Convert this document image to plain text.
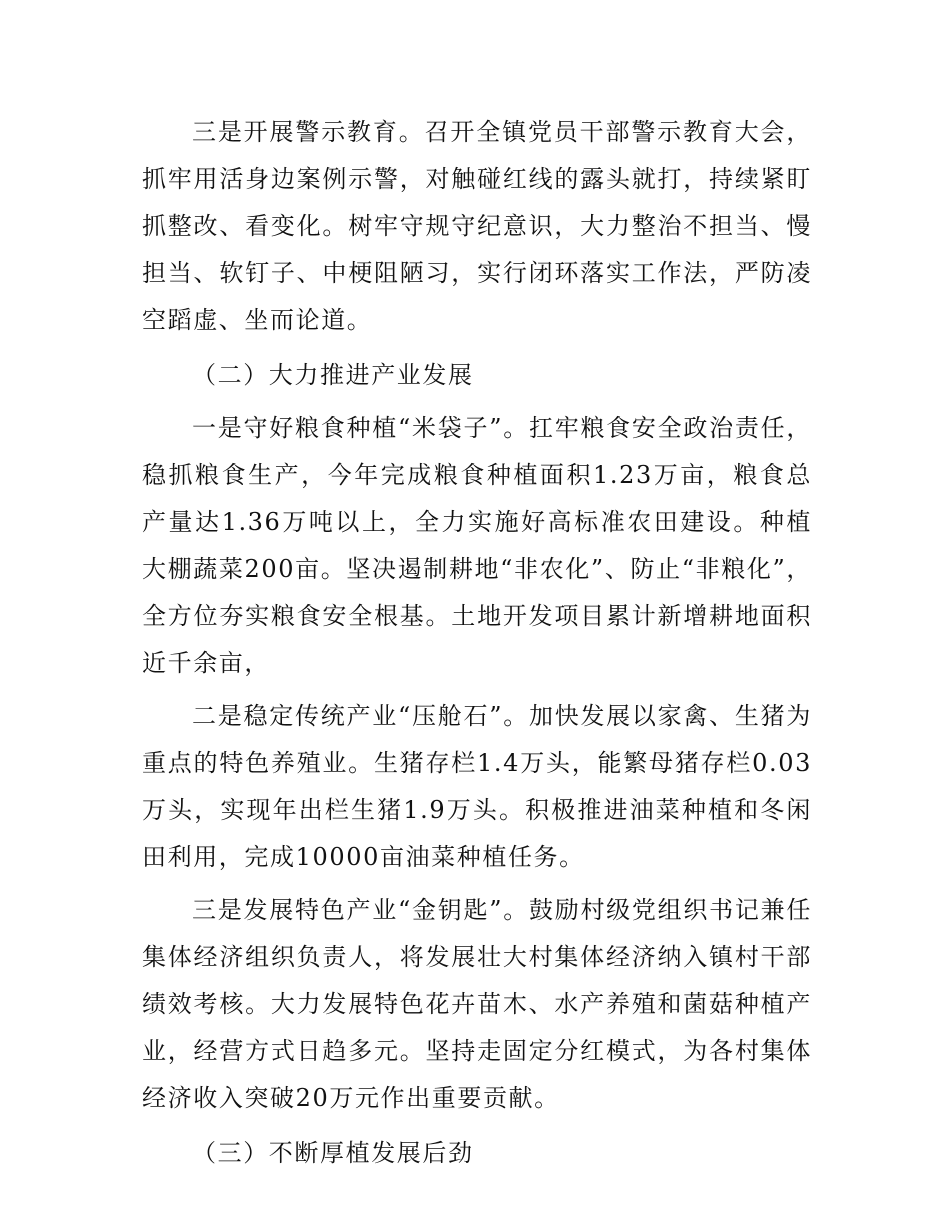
三是开展警示教育。召开全镇党员干部警示教育大会，抓牢用活身边案例示警，对触碰红线的露头就打，持续紧盯抓整改、看变化。树牢守规守纪意识，大力整治不担当、慢担当、软钉子、中梗阻陋习，实行闭环落实工作法，严防凌空蹈虚、坐而论道。

（二）大力推进产业发展

一是守好粮食种植“米袋子”。扛牢粮食安全政治责任，稳抓粮食生产，今年完成粮食种植面积1.23万亩，粮食总产量达1.36万吨以上，全力实施好高标准农田建设。种植大棚蔬菜200亩。坚决遏制耕地“非农化”、防止“非粮化”，全方位夯实粮食安全根基。土地开发项目累计新增耕地面积近千余亩，

二是稳定传统产业“压舱石”。加快发展以家禽、生猪为重点的特色养殖业。生猪存栏1.4万头，能繁母猪存栏0.03万头，实现年出栏生猪1.9万头。积极推进油菜种植和冬闲田利用，完成10000亩油菜种植任务。

三是发展特色产业“金钥匙”。鼓励村级党组织书记兼任集体经济组织负责人，将发展壮大村集体经济纳入镇村干部绩效考核。大力发展特色花卉苗木、水产养殖和菌菇种植产业，经营方式日趋多元。坚持走固定分红模式，为各村集体经济收入突破20万元作出重要贡献。

（三）不断厚植发展后劲
